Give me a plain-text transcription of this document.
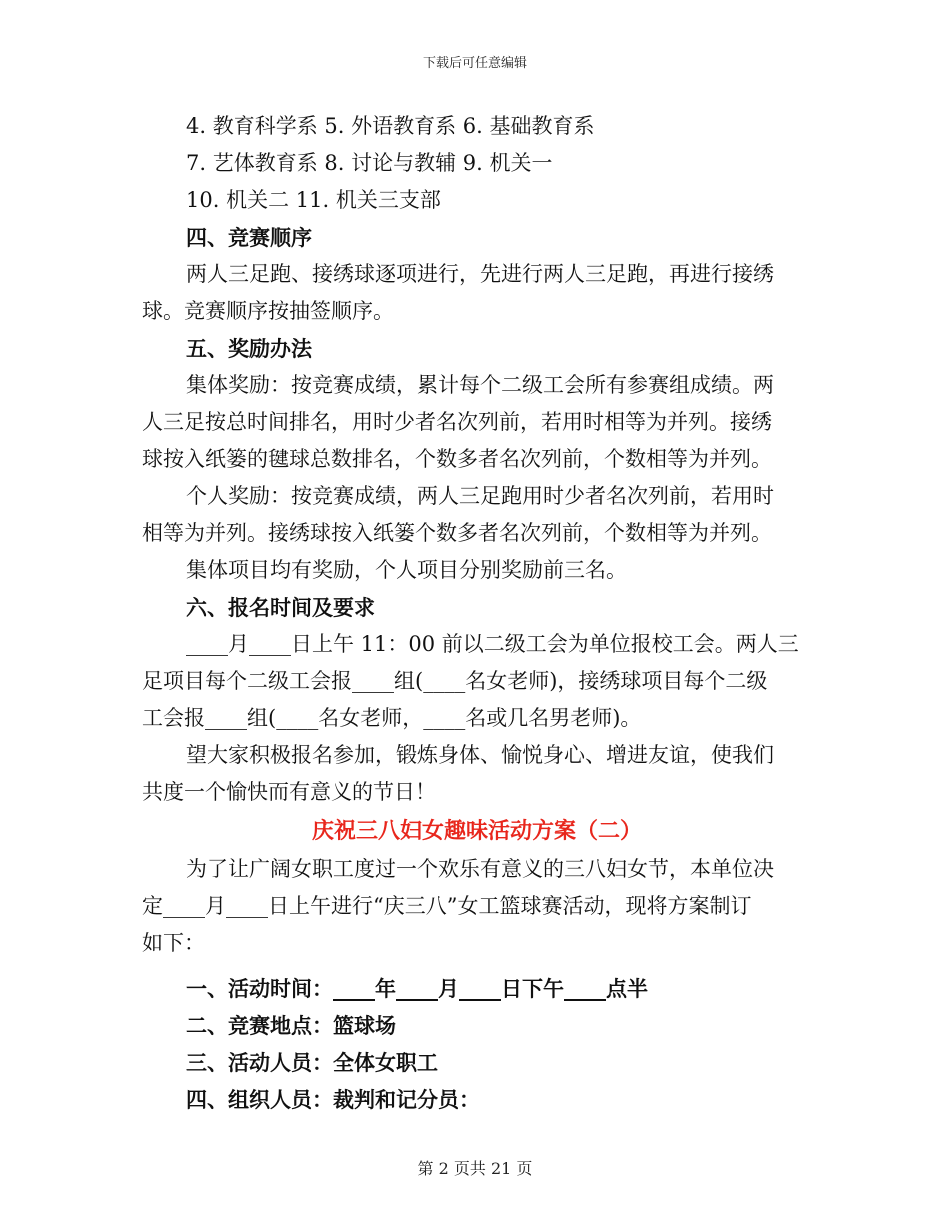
下载后可任意编辑
4. 教育科学系 5. 外语教育系 6. 基础教育系
7. 艺体教育系 8. 讨论与教辅 9. 机关一
10. 机关二 11. 机关三支部
四、竞赛顺序
两人三足跑、接绣球逐项进行，先进行两人三足跑，再进行接绣
球。竞赛顺序按抽签顺序。
五、奖励办法
集体奖励：按竞赛成绩，累计每个二级工会所有参赛组成绩。两
人三足按总时间排名，用时少者名次列前，若用时相等为并列。接绣
球按入纸篓的毽球总数排名，个数多者名次列前，个数相等为并列。
个人奖励：按竞赛成绩，两人三足跑用时少者名次列前，若用时
相等为并列。接绣球按入纸篓个数多者名次列前，个数相等为并列。
集体项目均有奖励，个人项目分别奖励前三名。
六、报名时间及要求
____月____日上午 11：00 前以二级工会为单位报校工会。两人三
足项目每个二级工会报____组(____名女老师)，接绣球项目每个二级
工会报____组(____名女老师，____名或几名男老师)。
望大家积极报名参加，锻炼身体、愉悦身心、增进友谊，使我们
共度一个愉快而有意义的节日！
庆祝三八妇女趣味活动方案（二）
为了让广阔女职工度过一个欢乐有意义的三八妇女节，本单位决
定____月____日上午进行“庆三八”女工篮球赛活动，现将方案制订
如下：
一、活动时间：____年____月____日下午____点半
二、竞赛地点：篮球场
三、活动人员：全体女职工
四、组织人员：裁判和记分员：
第 2 页共 21 页
